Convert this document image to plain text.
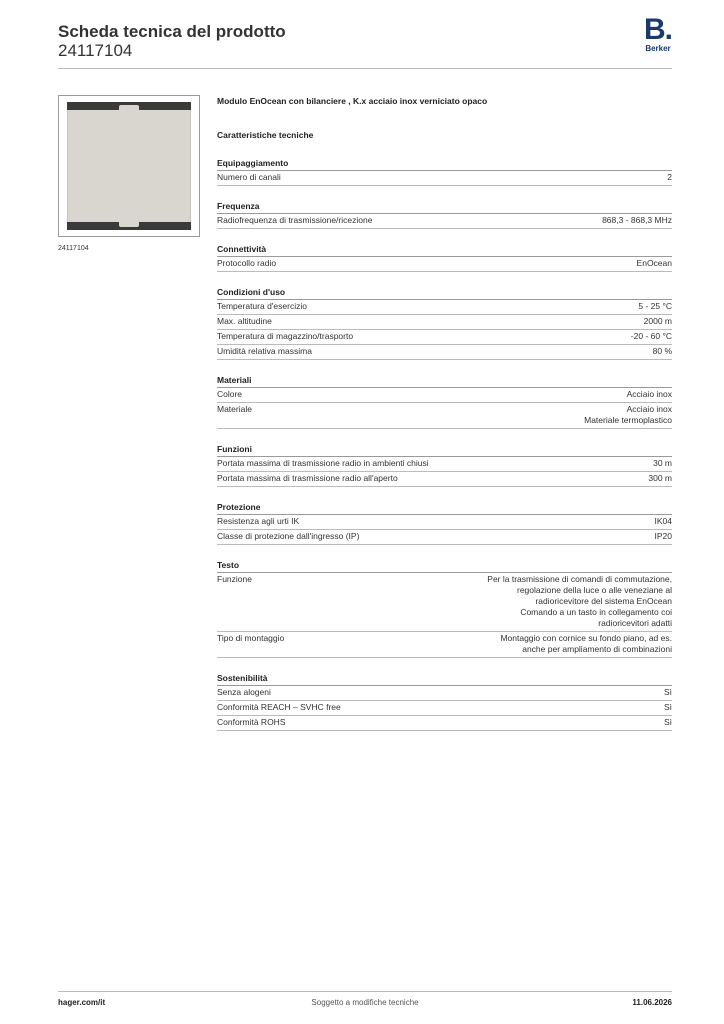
Scheda tecnica del prodotto
24117104
B.
Berker
24117104
Modulo EnOcean con bilanciere , K.x acciaio inox verniciato opaco
Caratteristiche tecniche
Equipaggiamento
Numero di canali	2
Frequenza
Radiofrequenza di trasmissione/ricezione	868,3 - 868,3 MHz
Connettività
Protocollo radio	EnOcean
Condizioni d'uso
Temperatura d'esercizio	5 - 25 °C
Max. altitudine	2000 m
Temperatura di magazzino/trasporto	-20 - 60 °C
Umidità relativa massima	80 %
Materiali
Colore	Acciaio inox
Materiale	Acciaio inox
Materiale termoplastico
Funzioni
Portata massima di trasmissione radio in ambienti chiusi	30 m
Portata massima di trasmissione radio all'aperto	300 m
Protezione
Resistenza agli urti IK	IK04
Classe di protezione dall'ingresso (IP)	IP20
Testo
Funzione	Per la trasmissione di comandi di commutazione,
regolazione della luce o alle veneziane al
radioricevitore del sistema EnOcean
Comando a un tasto in collegamento coi
radioricevitori adatti
Tipo di montaggio	Montaggio con cornice su fondo piano, ad es.
anche per ampliamento di combinazioni
Sostenibilità
Senza alogeni	Sì
Conformità REACH – SVHC free	Sì
Conformità ROHS	Sì
hager.com/it	Soggetto a modifiche tecniche	11.06.2026
